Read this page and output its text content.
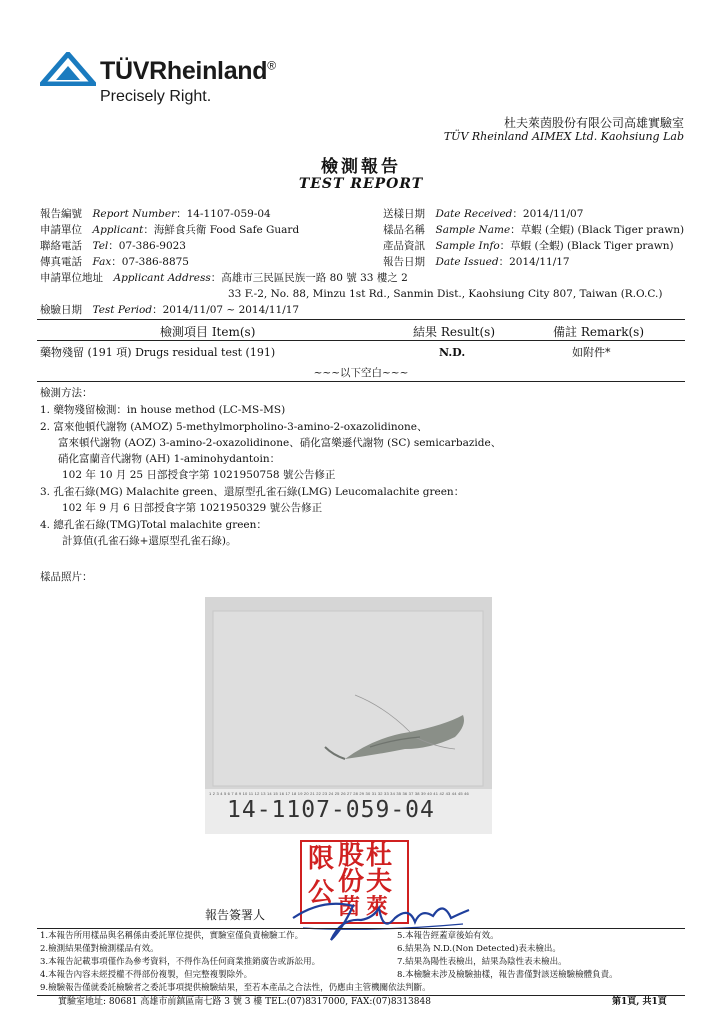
TÜVRheinland®
Precisely Right.
杜夫萊茵股份有限公司高雄實驗室
TÜV Rheinland AIMEX Ltd. Kaohsiung Lab
檢測報告
TEST REPORT
報告編號　 Report Number：14-1107-059-04
申請單位　 Applicant：海鮮食兵衛 Food Safe Guard
聯絡電話　 Tel：07-386-9023
傳真電話　 Fax：07-386-8875
申請單位地址　 Applicant Address：高雄市三民區民族一路 80 號 33 樓之 2
33 F.-2, No. 88, Minzu 1st Rd., Sanmin Dist., Kaohsiung City 807, Taiwan (R.O.C.)
檢驗日期　 Test Period：2014/11/07 ~ 2014/11/17
送樣日期　 Date Received：2014/11/07
樣品名稱　 Sample Name：草蝦 (全蝦) (Black Tiger prawn)
產品資訊　 Sample Info：草蝦 (全蝦) (Black Tiger prawn)
報告日期　 Date Issued：2014/11/17
檢測項目 Item(s)	結果 Result(s)	備註 Remark(s)
藥物殘留 (191 項) Drugs residual test (191)	N.D.	如附件*
~~~以下空白~~~
檢測方法：
1. 藥物殘留檢測：in house method (LC-MS-MS)
2. 富來他頓代謝物 (AMOZ) 5-methylmorpholino-3-amino-2-oxazolidinone、
富來頓代謝物 (AOZ) 3-amino-2-oxazolidinone、硝化富樂遜代謝物 (SC) semicarbazide、
硝化富蘭音代謝物 (AH) 1-aminohydantoin：
102 年 10 月 25 日部授食字第 1021950758 號公告修正
3. 孔雀石綠(MG) Malachite green、還原型孔雀石綠(LMG) Leucomalachite green：
102 年 9 月 6 日部授食字第 1021950329 號公告修正
4. 總孔雀石綠(TMG)Total malachite green：
計算值(孔雀石綠+還原型孔雀石綠)。
樣品照片：
1 2 3 4 5 6 7 8 9 10 11 12 13 14 15 16 17 18 19 20 21 22 23 24 25 26 27 28 29 30 31 32 33 34 35 36 37 38 39 40 41 42 43 44 45 46
14-1107-059-04
杜
夫
股
份
萊
茵
限
公
報告簽署人
1.本報告所用樣品與名稱係由委託單位提供，實驗室僅負責檢驗工作。
2.檢測結果僅對檢測樣品有效。
3.本報告記載事項僅作為參考資料，不得作為任何商業推銷廣告或訴訟用。
4.本報告內容未經授權不得部份複製，但完整複製除外。
5.本報告經蓋章後始有效。
6.結果為 N.D.(Non Detected)表未檢出。
7.結果為陽性表檢出，結果為陰性表未檢出。
8.本檢驗未涉及檢驗抽樣，報告書僅對該送檢驗檢體負責。
9.檢驗報告僅就委託檢驗者之委託事項提供檢驗結果，至若本產品之合法性，仍應由主管機關依法判斷。
實驗室地址: 80681 高雄市前鎮區南七路 3 號 3 樓 TEL:(07)8317000, FAX:(07)8313848	第1頁, 共1頁
